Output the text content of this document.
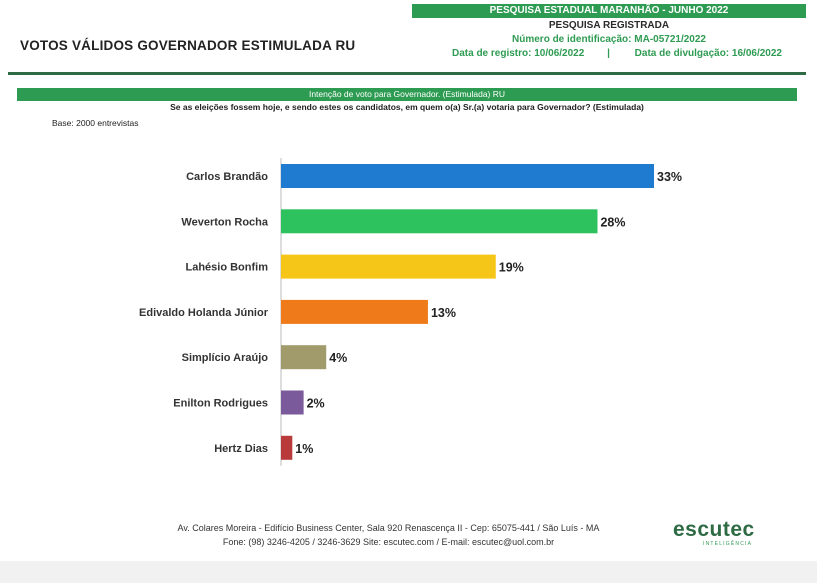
PESQUISA ESTADUAL MARANHÃO - JUNHO 2022
PESQUISA REGISTRADA
Número de identificação: MA-05721/2022
Data de registro: 10/06/2022 | Data de divulgação: 16/06/2022
VOTOS VÁLIDOS GOVERNADOR ESTIMULADA RU
Intenção de voto para Governador. (Estimulada) RU
Se as eleições fossem hoje, e sendo estes os candidatos, em quem o(a) Sr.(a) votaria para Governador? (Estimulada)
Base: 2000 entrevistas
Carlos Brandão	33%
Weverton Rocha	28%
Lahésio Bonfim	19%
Edivaldo Holanda Júnior	13%
Simplício Araújo	4%
Enilton Rodrigues	2%
Hertz Dias 1%
Av. Colares Moreira - Edifício Business Center, Sala 920 Renascença II - Cep: 65075-441 / São Luís - MA
Fone: (98) 3246-4205 / 3246-3629 Site: escutec.com / E-mail: escutec@uol.com.br
escutec
INTELIGÊNCIA
